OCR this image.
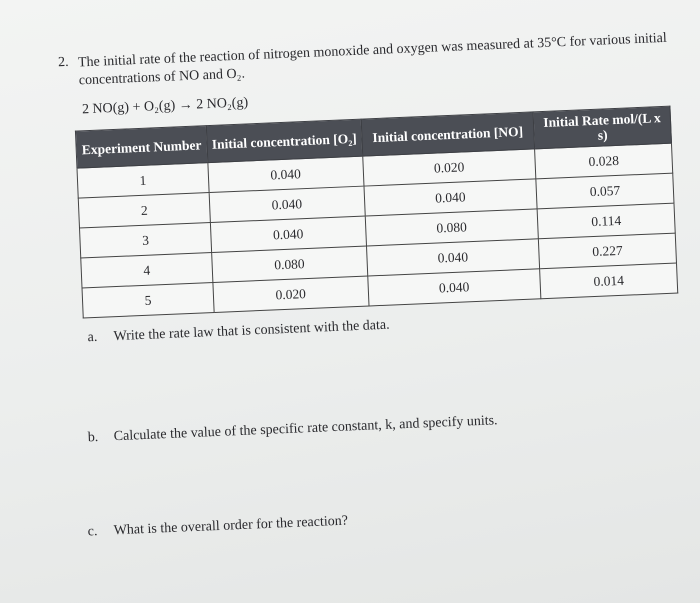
2. The initial rate of the reaction of nitrogen monoxide and oxygen was measured at 35°C for various initial concentrations of NO and O₂.
2 NO(g) + O₂(g) → 2 NO₂(g)
Experiment Number	Initial concentration [O₂]	Initial concentration [NO]	Initial Rate mol/(L x s)
1	0.040	0.020	0.028
2	0.040	0.040	0.057
3	0.040	0.080	0.114
4	0.080	0.040	0.227
5	0.020	0.040	0.014
a. Write the rate law that is consistent with the data.
b. Calculate the value of the specific rate constant, k, and specify units.
c. What is the overall order for the reaction?
